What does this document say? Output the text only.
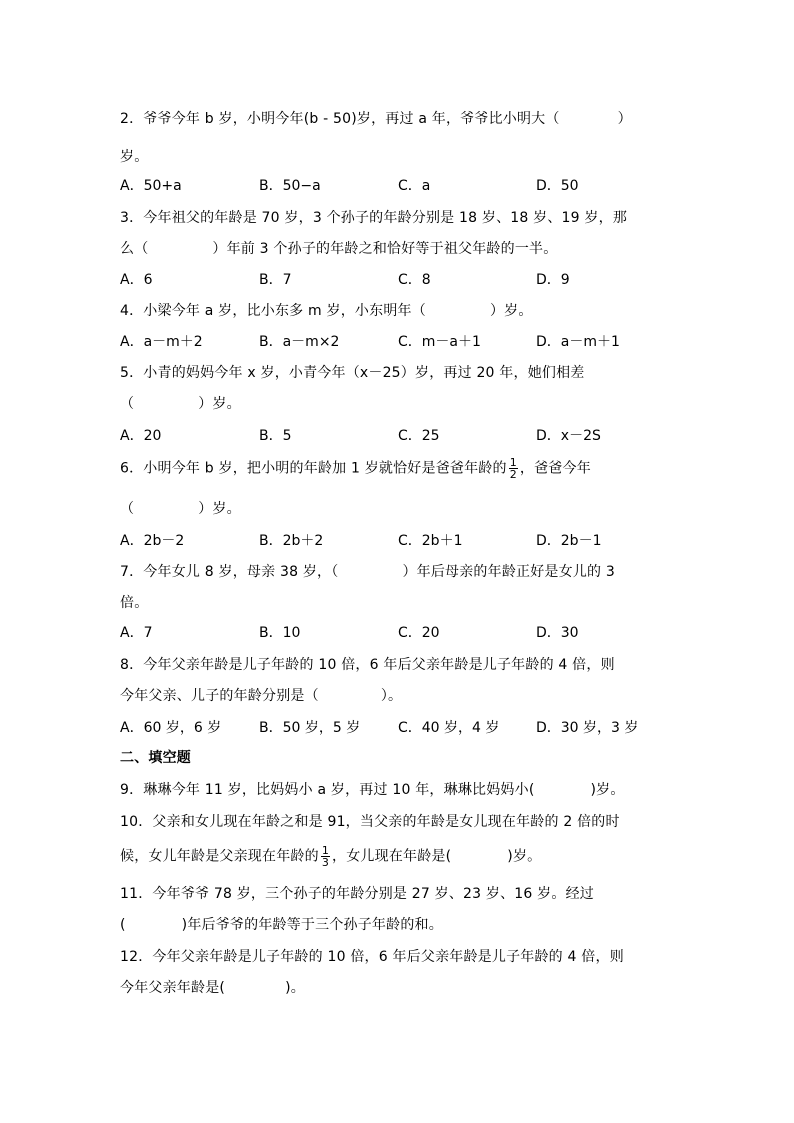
2．爷爷今年 b 岁，小明今年(b - 50)岁，再过 a 年，爷爷比小明大（	）
岁。
A．50+a	B．50−a	C．a	D．50
3．今年祖父的年龄是 70 岁，3 个孙子的年龄分别是 18 岁、18 岁、19 岁，那
么（	）年前 3 个孙子的年龄之和恰好等于祖父年龄的一半。
A．6	B．7	C．8	D．9
4．小梁今年 a 岁，比小东多 m 岁，小东明年（	）岁。
A．a－m＋2	B．a－m×2	C．m－a＋1	D．a－m＋1
5．小青的妈妈今年 x 岁，小青今年（x－25）岁，再过 20 年，她们相差
（	）岁。
A．20	B．5	C．25	D．x－2S
6．小明今年 b 岁，把小明的年龄加 1 岁就恰好是爸爸年龄的 $\frac{1}{2}$ ，爸爸今年
（	）岁。
A．2b－2	B．2b＋2	C．2b＋1	D．2b－1
7．今年女儿 8 岁，母亲 38 岁，（	）年后母亲的年龄正好是女儿的 3
倍。
A．7	B．10	C．20	D．30
8．今年父亲年龄是儿子年龄的 10 倍，6 年后父亲年龄是儿子年龄的 4 倍，则
今年父亲、儿子的年龄分别是（	）。
A．60 岁，6 岁	B．50 岁，5 岁	C．40 岁，4 岁	D．30 岁，3 岁
二、填空题
9．琳琳今年 11 岁，比妈妈小 a 岁，再过 10 年，琳琳比妈妈小(	)岁。
10．父亲和女儿现在年龄之和是 91，当父亲的年龄是女儿现在年龄的 2 倍的时
候，女儿年龄是父亲现在年龄的 $\frac{1}{3}$ ，女儿现在年龄是(	)岁。
11．今年爷爷 78 岁，三个孙子的年龄分别是 27 岁、23 岁、16 岁。经过
(	)年后爷爷的年龄等于三个孙子年龄的和。
12．今年父亲年龄是儿子年龄的 10 倍，6 年后父亲年龄是儿子年龄的 4 倍，则
今年父亲年龄是(	)。
